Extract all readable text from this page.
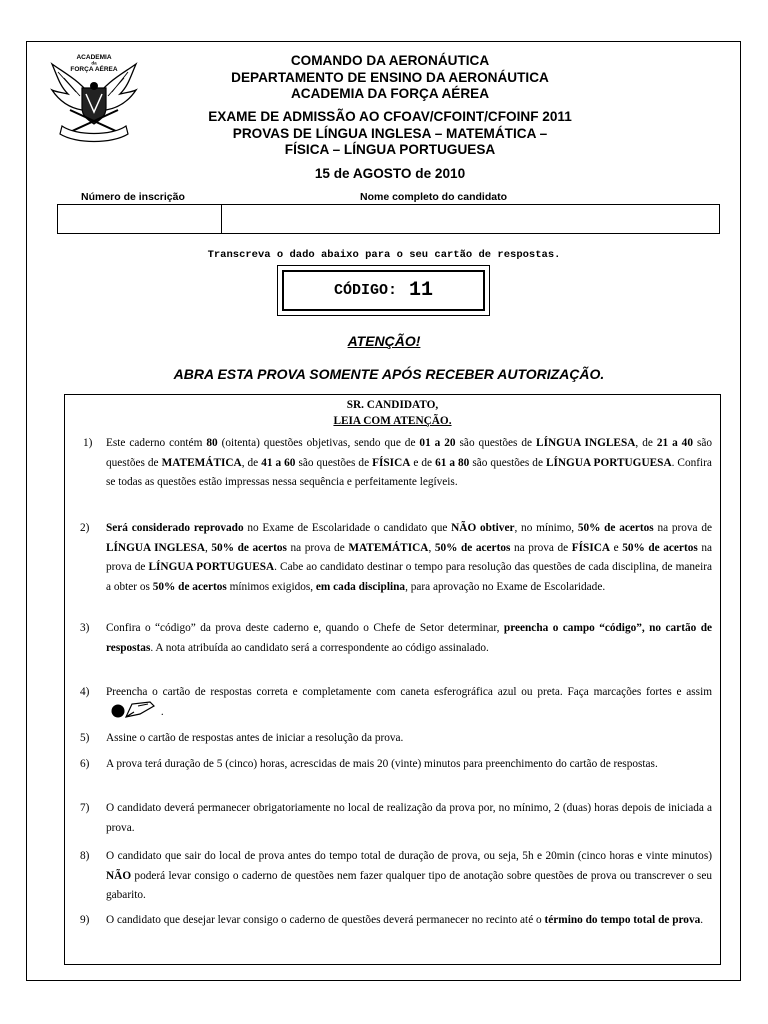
ACADEMIA
da
FORÇA AÉREA
COMANDO DA AERONÁUTICA
DEPARTAMENTO DE ENSINO DA AERONÁUTICA
ACADEMIA DA FORÇA AÉREA
EXAME DE ADMISSÃO AO CFOAV/CFOINT/CFOINF 2011
PROVAS DE LÍNGUA INGLESA – MATEMÁTICA –
FÍSICA – LÍNGUA PORTUGUESA
15 de AGOSTO de 2010
Número de inscrição	Nome completo do candidato
Transcreva o dado abaixo para o seu cartão de respostas.
CÓDIGO: 11
ATENÇÃO!
ABRA ESTA PROVA SOMENTE APÓS RECEBER AUTORIZAÇÃO.
SR. CANDIDATO,
LEIA COM ATENÇÃO.
1) Este caderno contém 80 (oitenta) questões objetivas, sendo que de 01 a 20 são questões de LÍNGUA INGLESA, de 21 a 40 são questões de MATEMÁTICA, de 41 a 60 são questões de FÍSICA e de 61 a 80 são questões de LÍNGUA PORTUGUESA. Confira se todas as questões estão impressas nessa sequência e perfeitamente legíveis.
2) Será considerado reprovado no Exame de Escolaridade o candidato que NÃO obtiver, no mínimo, 50% de acertos na prova de LÍNGUA INGLESA, 50% de acertos na prova de MATEMÁTICA, 50% de acertos na prova de FÍSICA e 50% de acertos na prova de LÍNGUA PORTUGUESA. Cabe ao candidato destinar o tempo para resolução das questões de cada disciplina, de maneira a obter os 50% de acertos mínimos exigidos, em cada disciplina, para aprovação no Exame de Escolaridade.
3) Confira o “código” da prova deste caderno e, quando o Chefe de Setor determinar, preencha o campo “código”, no cartão de respostas. A nota atribuída ao candidato será a correspondente ao código assinalado.
4) Preencha o cartão de respostas correta e completamente com caneta esferográfica azul ou preta. Faça marcações fortes e assim  .
5) Assine o cartão de respostas antes de iniciar a resolução da prova.
6) A prova terá duração de 5 (cinco) horas, acrescidas de mais 20 (vinte) minutos para preenchimento do cartão de respostas.
7) O candidato deverá permanecer obrigatoriamente no local de realização da prova por, no mínimo, 2 (duas) horas depois de iniciada a prova.
8) O candidato que sair do local de prova antes do tempo total de duração de prova, ou seja, 5h e 20min (cinco horas e vinte minutos) NÃO poderá levar consigo o caderno de questões nem fazer qualquer tipo de anotação sobre questões de prova ou transcrever o seu gabarito.
9) O candidato que desejar levar consigo o caderno de questões deverá permanecer no recinto até o término do tempo total de prova.
